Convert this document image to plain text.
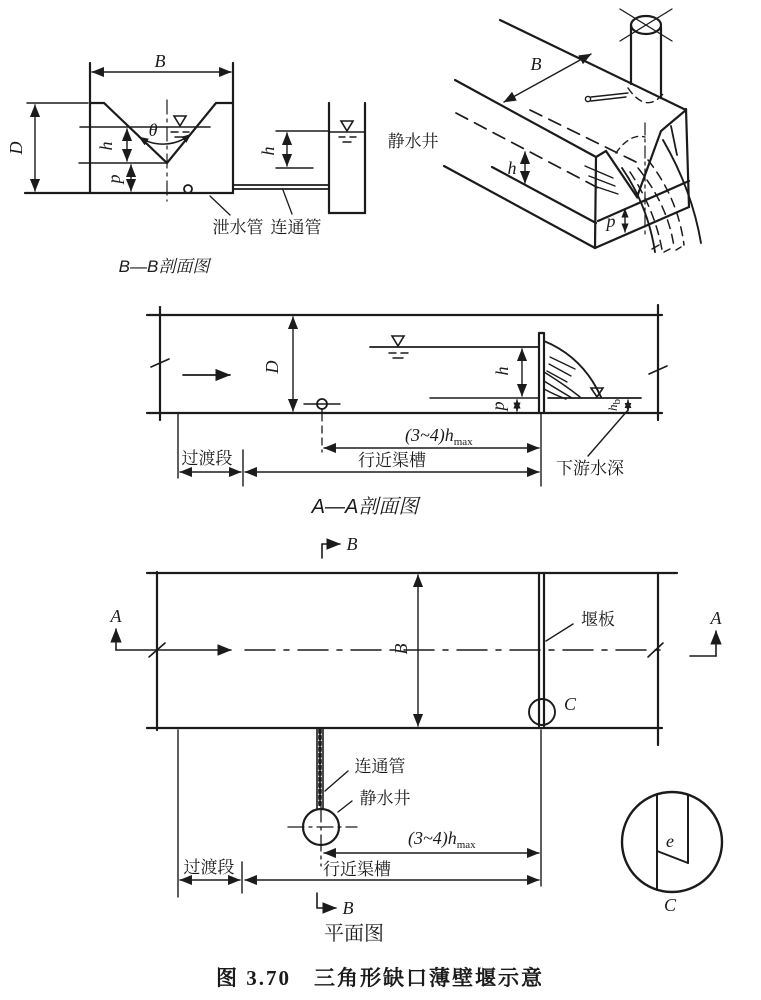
B
D	h
θ
p
h
泄水管 连通管
静水井
B—B剖面图
B
h
p
D	h
p	hb
$(3\sim 4)h_{max}$
行近渠槽
过渡段
下游水深
A—A剖面图
B
B
A	A
B
堰板
C
连通管
静水井
$(3\sim 4)h_{max}$
行近渠槽
过渡段
平面图
e
C
图 3.70　三角形缺口薄壁堰示意
